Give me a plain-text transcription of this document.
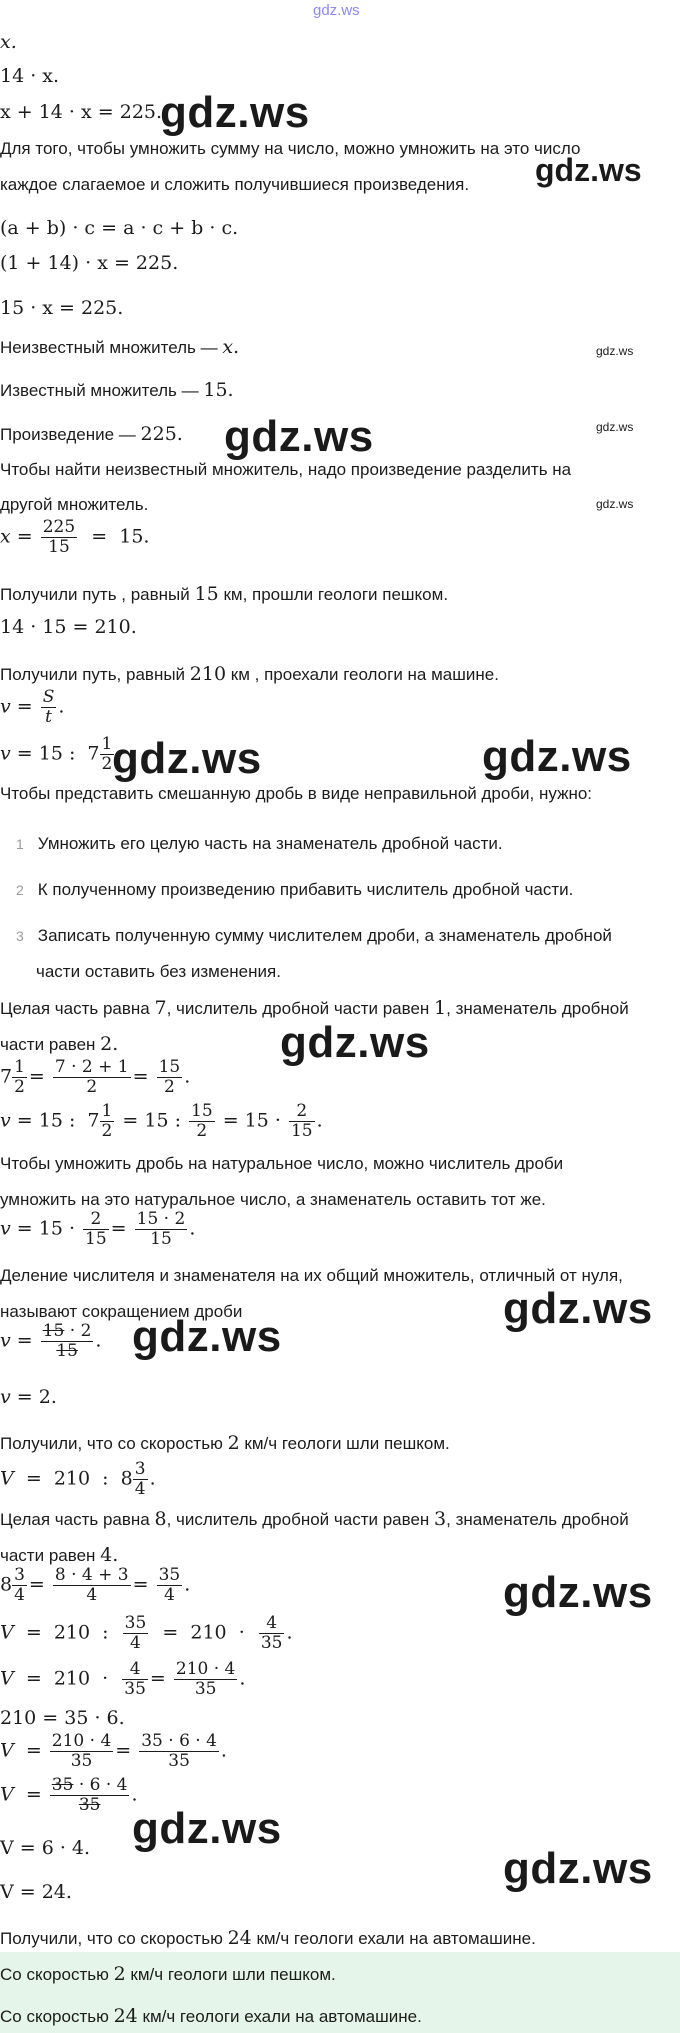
gdz.ws
x.
14 · x.
x + 14 · x = 225.
gdz.ws
Для того, чтобы умножить сумму на число, можно умножить на это число
gdz.ws
каждое слагаемое и сложить получившиеся произведения.
(a + b) · c = a · c + b · c.
(1 + 14) · x = 225.
15 · x = 225.
Неизвестный множитель — x.	gdz.ws
Известный множитель — 15.
Произведение — 225.	gdz.ws
gdz.ws
Чтобы найти неизвестный множитель, надо произведение разделить на
другой множитель.	gdz.ws
$x = \frac{225}{15} = 15$.
Получили путь , равный 15 км, прошли геологи пешком.
14 · 15 = 210.
Получили путь, равный 210 км , проехали геологи на машине.
$v = \frac{S}{t}$ .
v = 15 :  $7 \frac{1}{2}$
gdz.ws	gdz.ws
Чтобы представить смешанную дробь в виде неправильной дроби, нужно:
1 Умножить его целую часть на знаменатель дробной части.
2 К полученному произведению прибавить числитель дробной части.
3 Записать полученную сумму числителем дроби, а знаменатель дробной
части оставить без изменения.
Целая часть равна 7, числитель дробной части равен 1, знаменатель дробной
части равен 2.	gdz.ws
$7 \frac{1}{2} = \frac{7 \cdot 2 + 1}{2} = \frac{15}{2}$ .
v = 15 :  $7 \frac{1}{2} = 15$ : $\frac{15}{2} = 15 \cdot \frac{2}{15}$ .
Чтобы умножить дробь на натуральное число, можно числитель дроби
умножить на это натуральное число, а знаменатель оставить тот же.
$v = 15 \cdot \frac{2}{15} = \frac{15 \cdot 2}{15}$ .
Деление числителя и знаменателя на их общий множитель, отличный от нуля,
называют сокращением дроби	gdz.ws
$v = \frac{15 \cdot 2}{15}$ . gdz.ws
v = 2.
Получили, что со скоростью 2 км/ч геологи шли пешком.
V  =  210  :  $8 \frac{3}{4}$ .
Целая часть равна 8, числитель дробной части равен 3, знаменатель дробной
части равен 4.
$8 \frac{3}{4} = \frac{8 \cdot 4 + 3}{4} = \frac{35}{4}$ .	gdz.ws
V  =  210  : $\frac{35}{4} = 210 \cdot \frac{4}{35}$ .
$V = 210 \cdot \frac{4}{35} = \frac{210 \cdot 4}{35}$ .
210 = 35 · 6.
$V = \frac{210 \cdot 4}{35} = \frac{35 \cdot 6 \cdot 4}{35}$ .
$V = \frac{35 \cdot 6 \cdot 4}{35}$ .
gdz.ws
V = 6 · 4.	gdz.ws
V = 24.
Получили, что со скоростью 24 км/ч геологи ехали на автомашине.
Со скоростью 2 км/ч геологи шли пешком.
Со скоростью 24 км/ч геологи ехали на автомашине.
